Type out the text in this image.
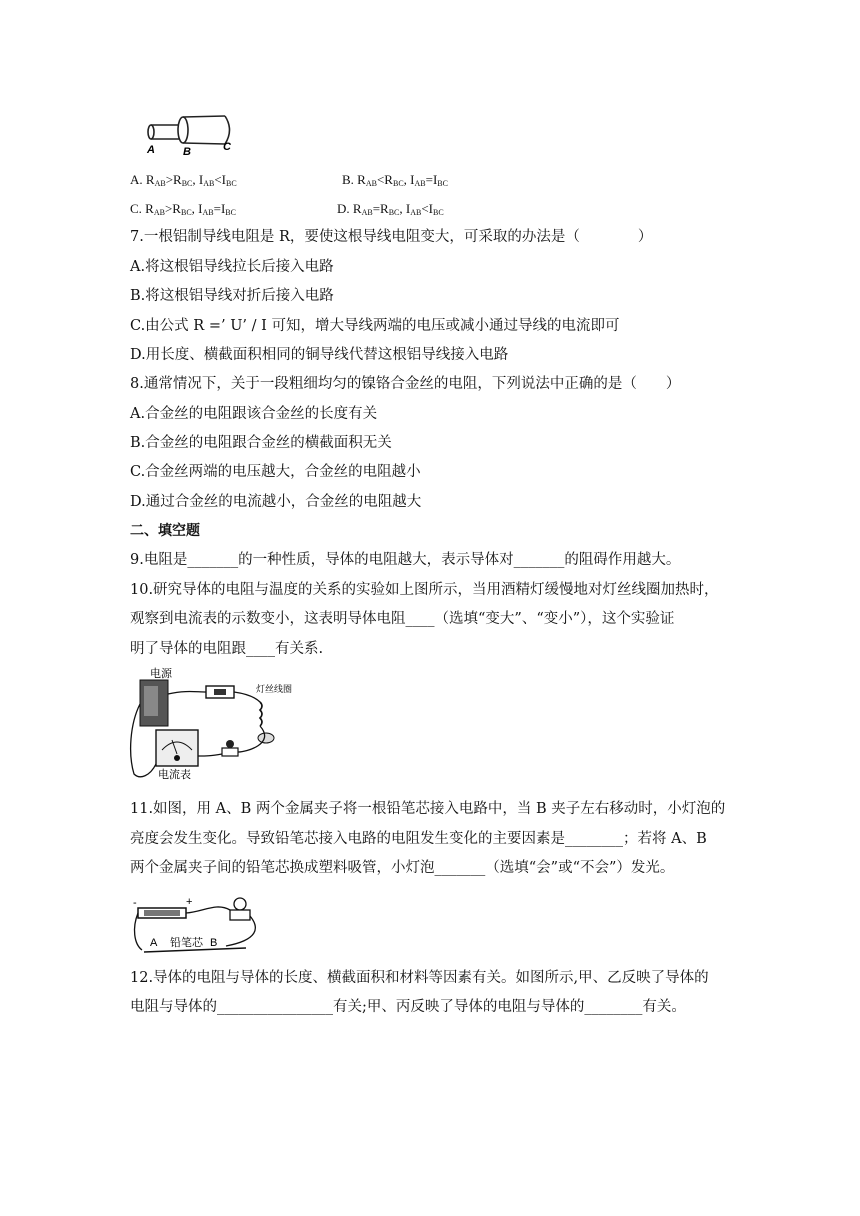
A	B	C
A. $R_{AB}>R_{BC}$, $I_{AB}<I_{BC}$	B. $R_{AB}<R_{BC}$, $I_{AB}=I_{BC}$
C. $R_{AB}>R_{BC}$, $I_{AB}=I_{BC}$	D. $R_{AB}=R_{BC}$, $I_{AB}<I_{BC}$
7.一根铝制导线电阻是 R，要使这根导线电阻变大，可采取的办法是（　　　　）
A.将这根铝导线拉长后接入电路
B.将这根铝导线对折后接入电路
C.由公式 R =’ U’ / I 可知，增大导线两端的电压或减小通过导线的电流即可
D.用长度、横截面积相同的铜导线代替这根铝导线接入电路
8.通常情况下，关于一段粗细均匀的镍铬合金丝的电阻，下列说法中正确的是（　　）
A.合金丝的电阻跟该合金丝的长度有关
B.合金丝的电阻跟合金丝的横截面积无关
C.合金丝两端的电压越大，合金丝的电阻越小
D.通过合金丝的电流越小，合金丝的电阻越大
二、填空题
9.电阻是_______的一种性质，导体的电阻越大，表示导体对_______的阻碍作用越大。
10.研究导体的电阻与温度的关系的实验如上图所示，当用酒精灯缓慢地对灯丝线圈加热时，
观察到电流表的示数变小，这表明导体电阻____（选填“变大”、“变小”），这个实验证
明了导体的电阻跟____有关系.
电源
灯丝线圈
电流表
11.如图，用 A、B 两个金属夹子将一根铅笔芯接入电路中，当 B 夹子左右移动时，小灯泡的
亮度会发生变化。导致铅笔芯接入电路的电阻发生变化的主要因素是________；若将 A、B
两个金属夹子间的铅笔芯换成塑料吸管，小灯泡_______（选填“会”或“不会”）发光。
-	+
A 铅笔芯 B
12.导体的电阻与导体的长度、横截面积和材料等因素有关。如图所示,甲、乙反映了导体的
电阻与导体的________________有关;甲、丙反映了导体的电阻与导体的________有关。
